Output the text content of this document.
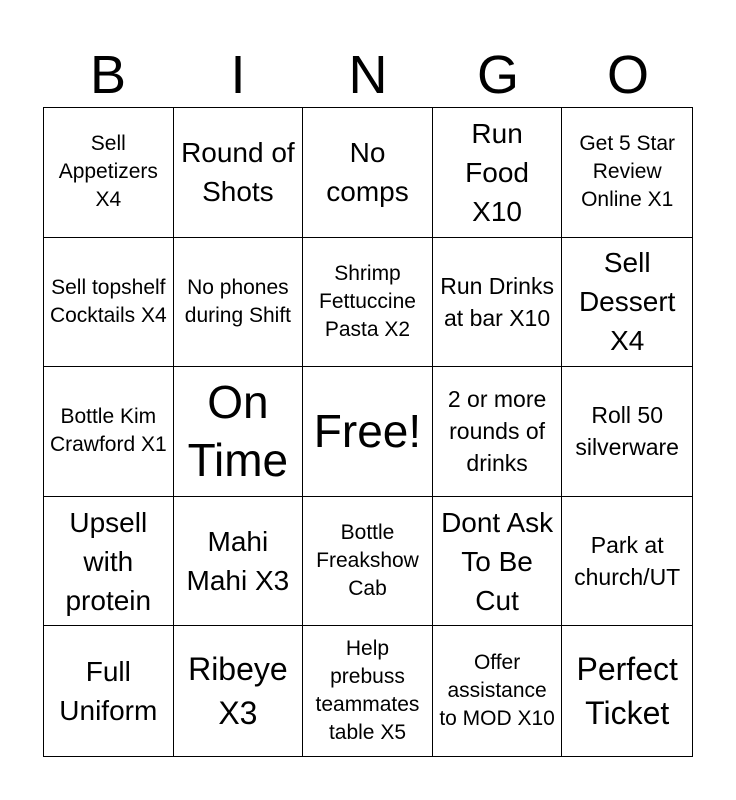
B	I	N	G	O
Sell Appetizers X4
Round of Shots
No comps
Run Food X10
Get 5 Star Review Online X1
Sell topshelf Cocktails X4
No phones during Shift
Shrimp Fettuccine Pasta X2
Run Drinks at bar X10
Sell Dessert X4
Bottle Kim Crawford X1
On Time
Free!
2 or more rounds of drinks
Roll 50 silverware
Upsell with protein
Mahi Mahi X3
Bottle Freakshow Cab
Dont Ask To Be Cut
Park at church/UT
Full Uniform
Ribeye X3
Help prebuss teammates table X5
Offer assistance to MOD X10
Perfect Ticket
